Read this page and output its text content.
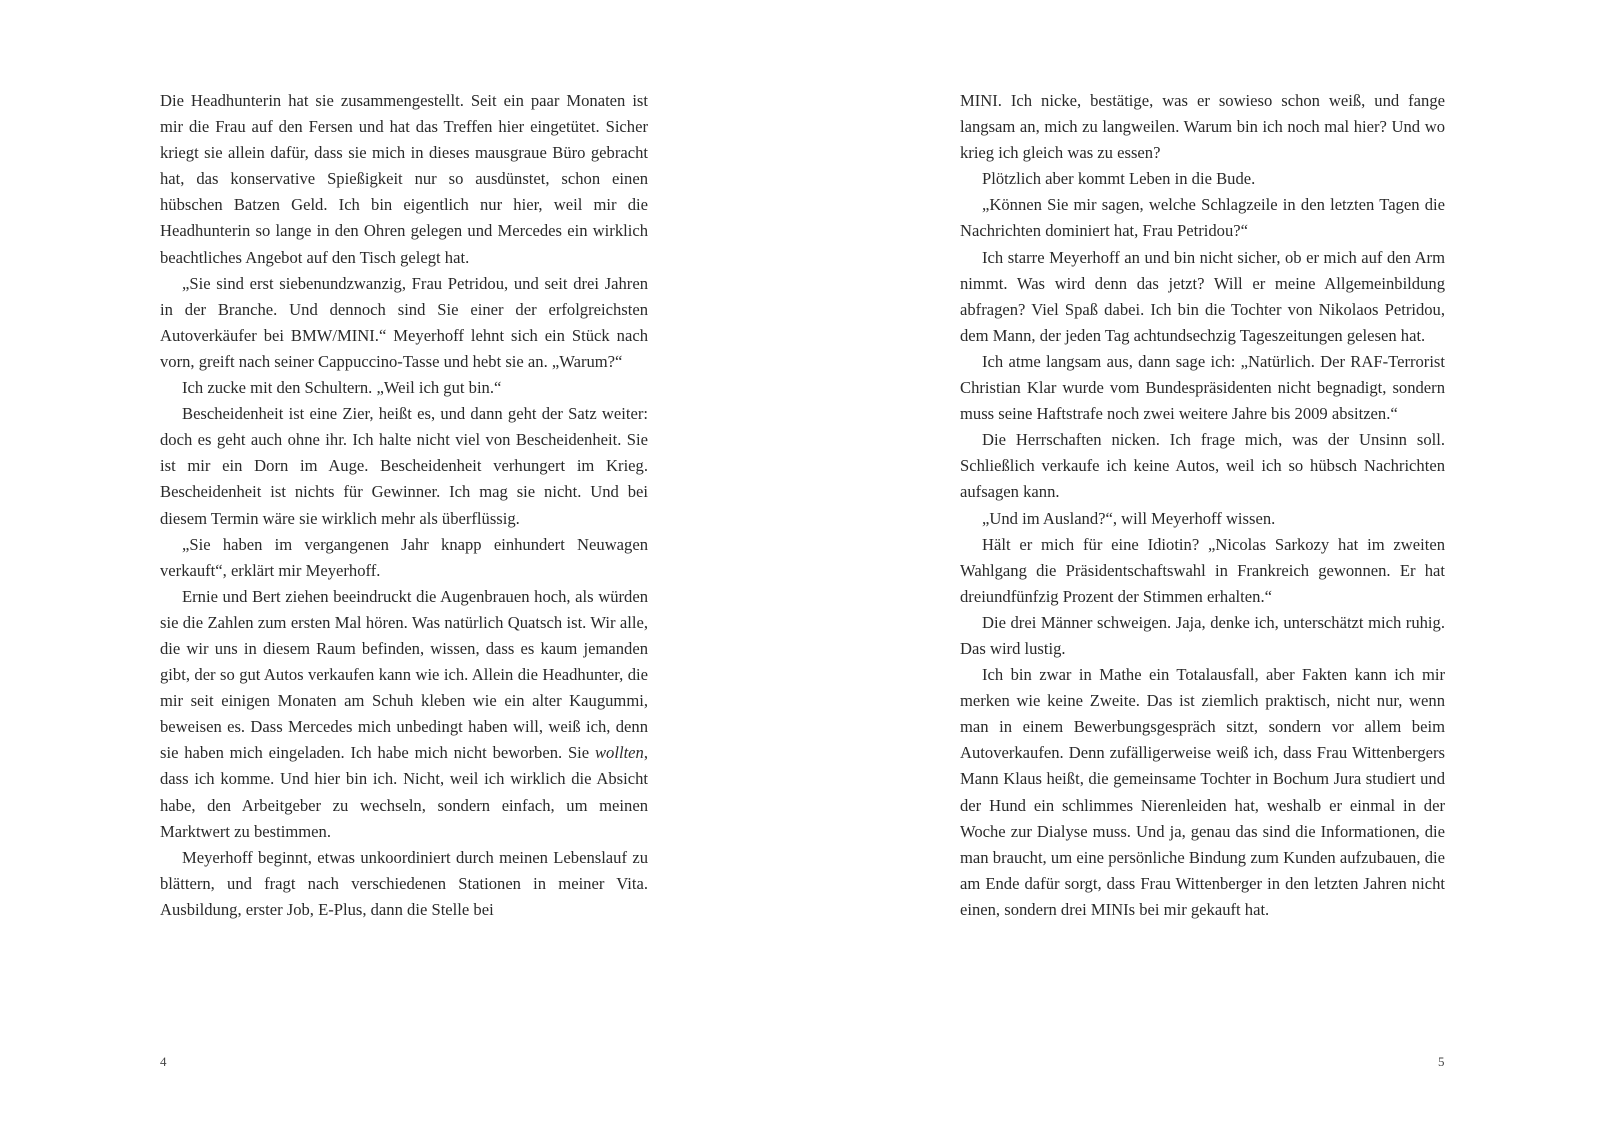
Die Headhunterin hat sie zusammengestellt. Seit ein paar Monaten ist mir die Frau auf den Fersen und hat das Treffen hier eingetütet. Sicher kriegt sie allein dafür, dass sie mich in dieses mausgraue Büro gebracht hat, das konservative Spießigkeit nur so ausdünstet, schon einen hübschen Batzen Geld. Ich bin eigentlich nur hier, weil mir die Headhunterin so lange in den Ohren gelegen und Mercedes ein wirklich beachtliches Angebot auf den Tisch gelegt hat.

„Sie sind erst siebenundzwanzig, Frau Petridou, und seit drei Jahren in der Branche. Und dennoch sind Sie einer der erfolgreichsten Autoverkäufer bei BMW/MINI.“ Meyerhoff lehnt sich ein Stück nach vorn, greift nach seiner Cappuccino-Tasse und hebt sie an. „Warum?“

Ich zucke mit den Schultern. „Weil ich gut bin.“

Bescheidenheit ist eine Zier, heißt es, und dann geht der Satz weiter: doch es geht auch ohne ihr. Ich halte nicht viel von Bescheidenheit. Sie ist mir ein Dorn im Auge. Bescheidenheit verhungert im Krieg. Bescheidenheit ist nichts für Gewinner. Ich mag sie nicht. Und bei diesem Termin wäre sie wirklich mehr als überflüssig.

„Sie haben im vergangenen Jahr knapp einhundert Neuwagen verkauft“, erklärt mir Meyerhoff.

Ernie und Bert ziehen beeindruckt die Augenbrauen hoch, als würden sie die Zahlen zum ersten Mal hören. Was natürlich Quatsch ist. Wir alle, die wir uns in diesem Raum befinden, wissen, dass es kaum jemanden gibt, der so gut Autos verkaufen kann wie ich. Allein die Headhunter, die mir seit einigen Monaten am Schuh kleben wie ein alter Kaugummi, beweisen es. Dass Mercedes mich unbedingt haben will, weiß ich, denn sie haben mich eingeladen. Ich habe mich nicht beworben. Sie wollten, dass ich komme. Und hier bin ich. Nicht, weil ich wirklich die Absicht habe, den Arbeitgeber zu wechseln, sondern einfach, um meinen Marktwert zu bestimmen.

Meyerhoff beginnt, etwas unkoordiniert durch meinen Lebenslauf zu blättern, und fragt nach verschiedenen Stationen in meiner Vita. Ausbildung, erster Job, E-Plus, dann die Stelle bei

4

MINI. Ich nicke, bestätige, was er sowieso schon weiß, und fange langsam an, mich zu langweilen. Warum bin ich noch mal hier? Und wo krieg ich gleich was zu essen?

Plötzlich aber kommt Leben in die Bude.

„Können Sie mir sagen, welche Schlagzeile in den letzten Tagen die Nachrichten dominiert hat, Frau Petridou?“

Ich starre Meyerhoff an und bin nicht sicher, ob er mich auf den Arm nimmt. Was wird denn das jetzt? Will er meine Allgemeinbildung abfragen? Viel Spaß dabei. Ich bin die Tochter von Nikolaos Petridou, dem Mann, der jeden Tag achtundsechzig Tageszeitungen gelesen hat.

Ich atme langsam aus, dann sage ich: „Natürlich. Der RAF-Terrorist Christian Klar wurde vom Bundespräsidenten nicht begnadigt, sondern muss seine Haftstrafe noch zwei weitere Jahre bis 2009 absitzen.“

Die Herrschaften nicken. Ich frage mich, was der Unsinn soll. Schließlich verkaufe ich keine Autos, weil ich so hübsch Nachrichten aufsagen kann.

„Und im Ausland?“, will Meyerhoff wissen.

Hält er mich für eine Idiotin? „Nicolas Sarkozy hat im zweiten Wahlgang die Präsidentschaftswahl in Frankreich gewonnen. Er hat dreiundfünfzig Prozent der Stimmen erhalten.“

Die drei Männer schweigen. Jaja, denke ich, unterschätzt mich ruhig. Das wird lustig.

Ich bin zwar in Mathe ein Totalausfall, aber Fakten kann ich mir merken wie keine Zweite. Das ist ziemlich praktisch, nicht nur, wenn man in einem Bewerbungsgespräch sitzt, sondern vor allem beim Autoverkaufen. Denn zufälligerweise weiß ich, dass Frau Wittenbergers Mann Klaus heißt, die gemeinsame Tochter in Bochum Jura studiert und der Hund ein schlimmes Nierenleiden hat, weshalb er einmal in der Woche zur Dialyse muss. Und ja, genau das sind die Informationen, die man braucht, um eine persönliche Bindung zum Kunden aufzubauen, die am Ende dafür sorgt, dass Frau Wittenberger in den letzten Jahren nicht einen, sondern drei MINIs bei mir gekauft hat.

5
